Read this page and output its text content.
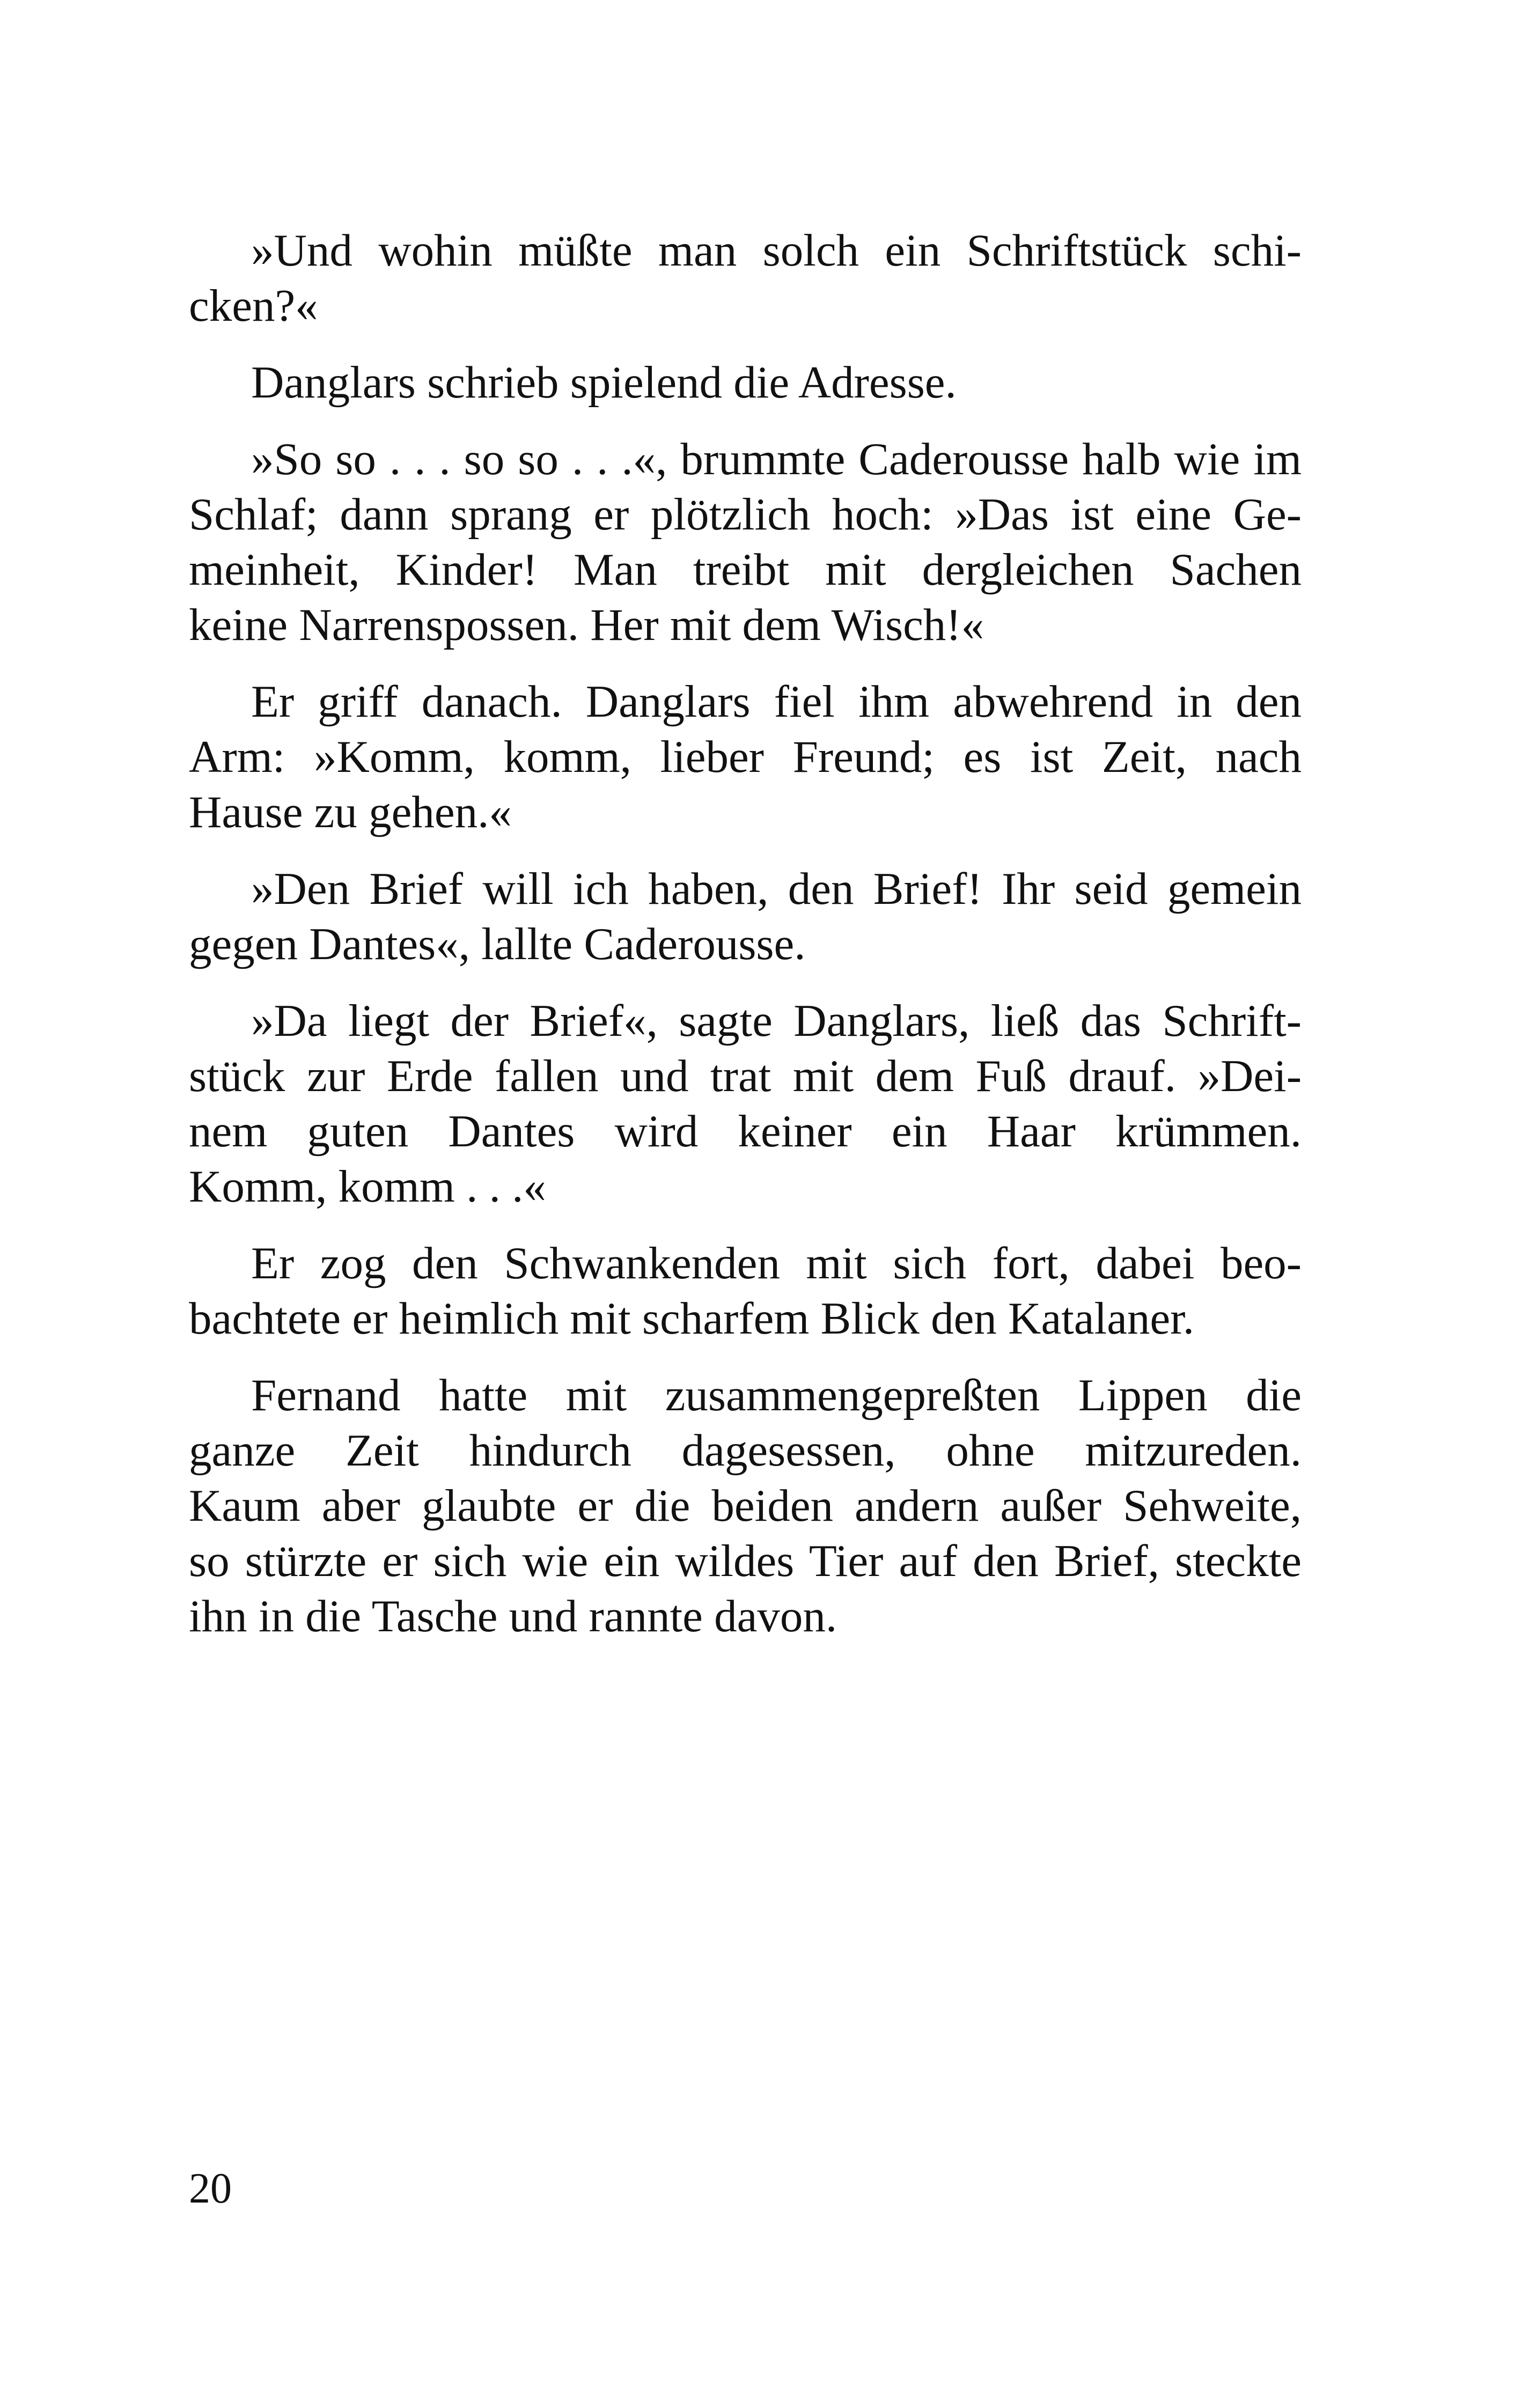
»Und wohin müßte man solch ein Schriftstück schi-
cken?«

Danglars schrieb spielend die Adresse.

»So so . . . so so . . .«, brummte Caderousse halb wie im
Schlaf; dann sprang er plötzlich hoch: »Das ist eine Ge-
meinheit, Kinder! Man treibt mit dergleichen Sachen
keine Narrenspossen. Her mit dem Wisch!«

Er griff danach. Danglars fiel ihm abwehrend in den
Arm: »Komm, komm, lieber Freund; es ist Zeit, nach
Hause zu gehen.«

»Den Brief will ich haben, den Brief! Ihr seid gemein
gegen Dantes«, lallte Caderousse.

»Da liegt der Brief«, sagte Danglars, ließ das Schrift-
stück zur Erde fallen und trat mit dem Fuß drauf. »Dei-
nem guten Dantes wird keiner ein Haar krümmen.
Komm, komm . . .«

Er zog den Schwankenden mit sich fort, dabei beo-
bachtete er heimlich mit scharfem Blick den Katalaner.

Fernand hatte mit zusammengepreßten Lippen die
ganze Zeit hindurch dagesessen, ohne mitzureden.
Kaum aber glaubte er die beiden andern außer Sehweite,
so stürzte er sich wie ein wildes Tier auf den Brief, steckte
ihn in die Tasche und rannte davon.

20
